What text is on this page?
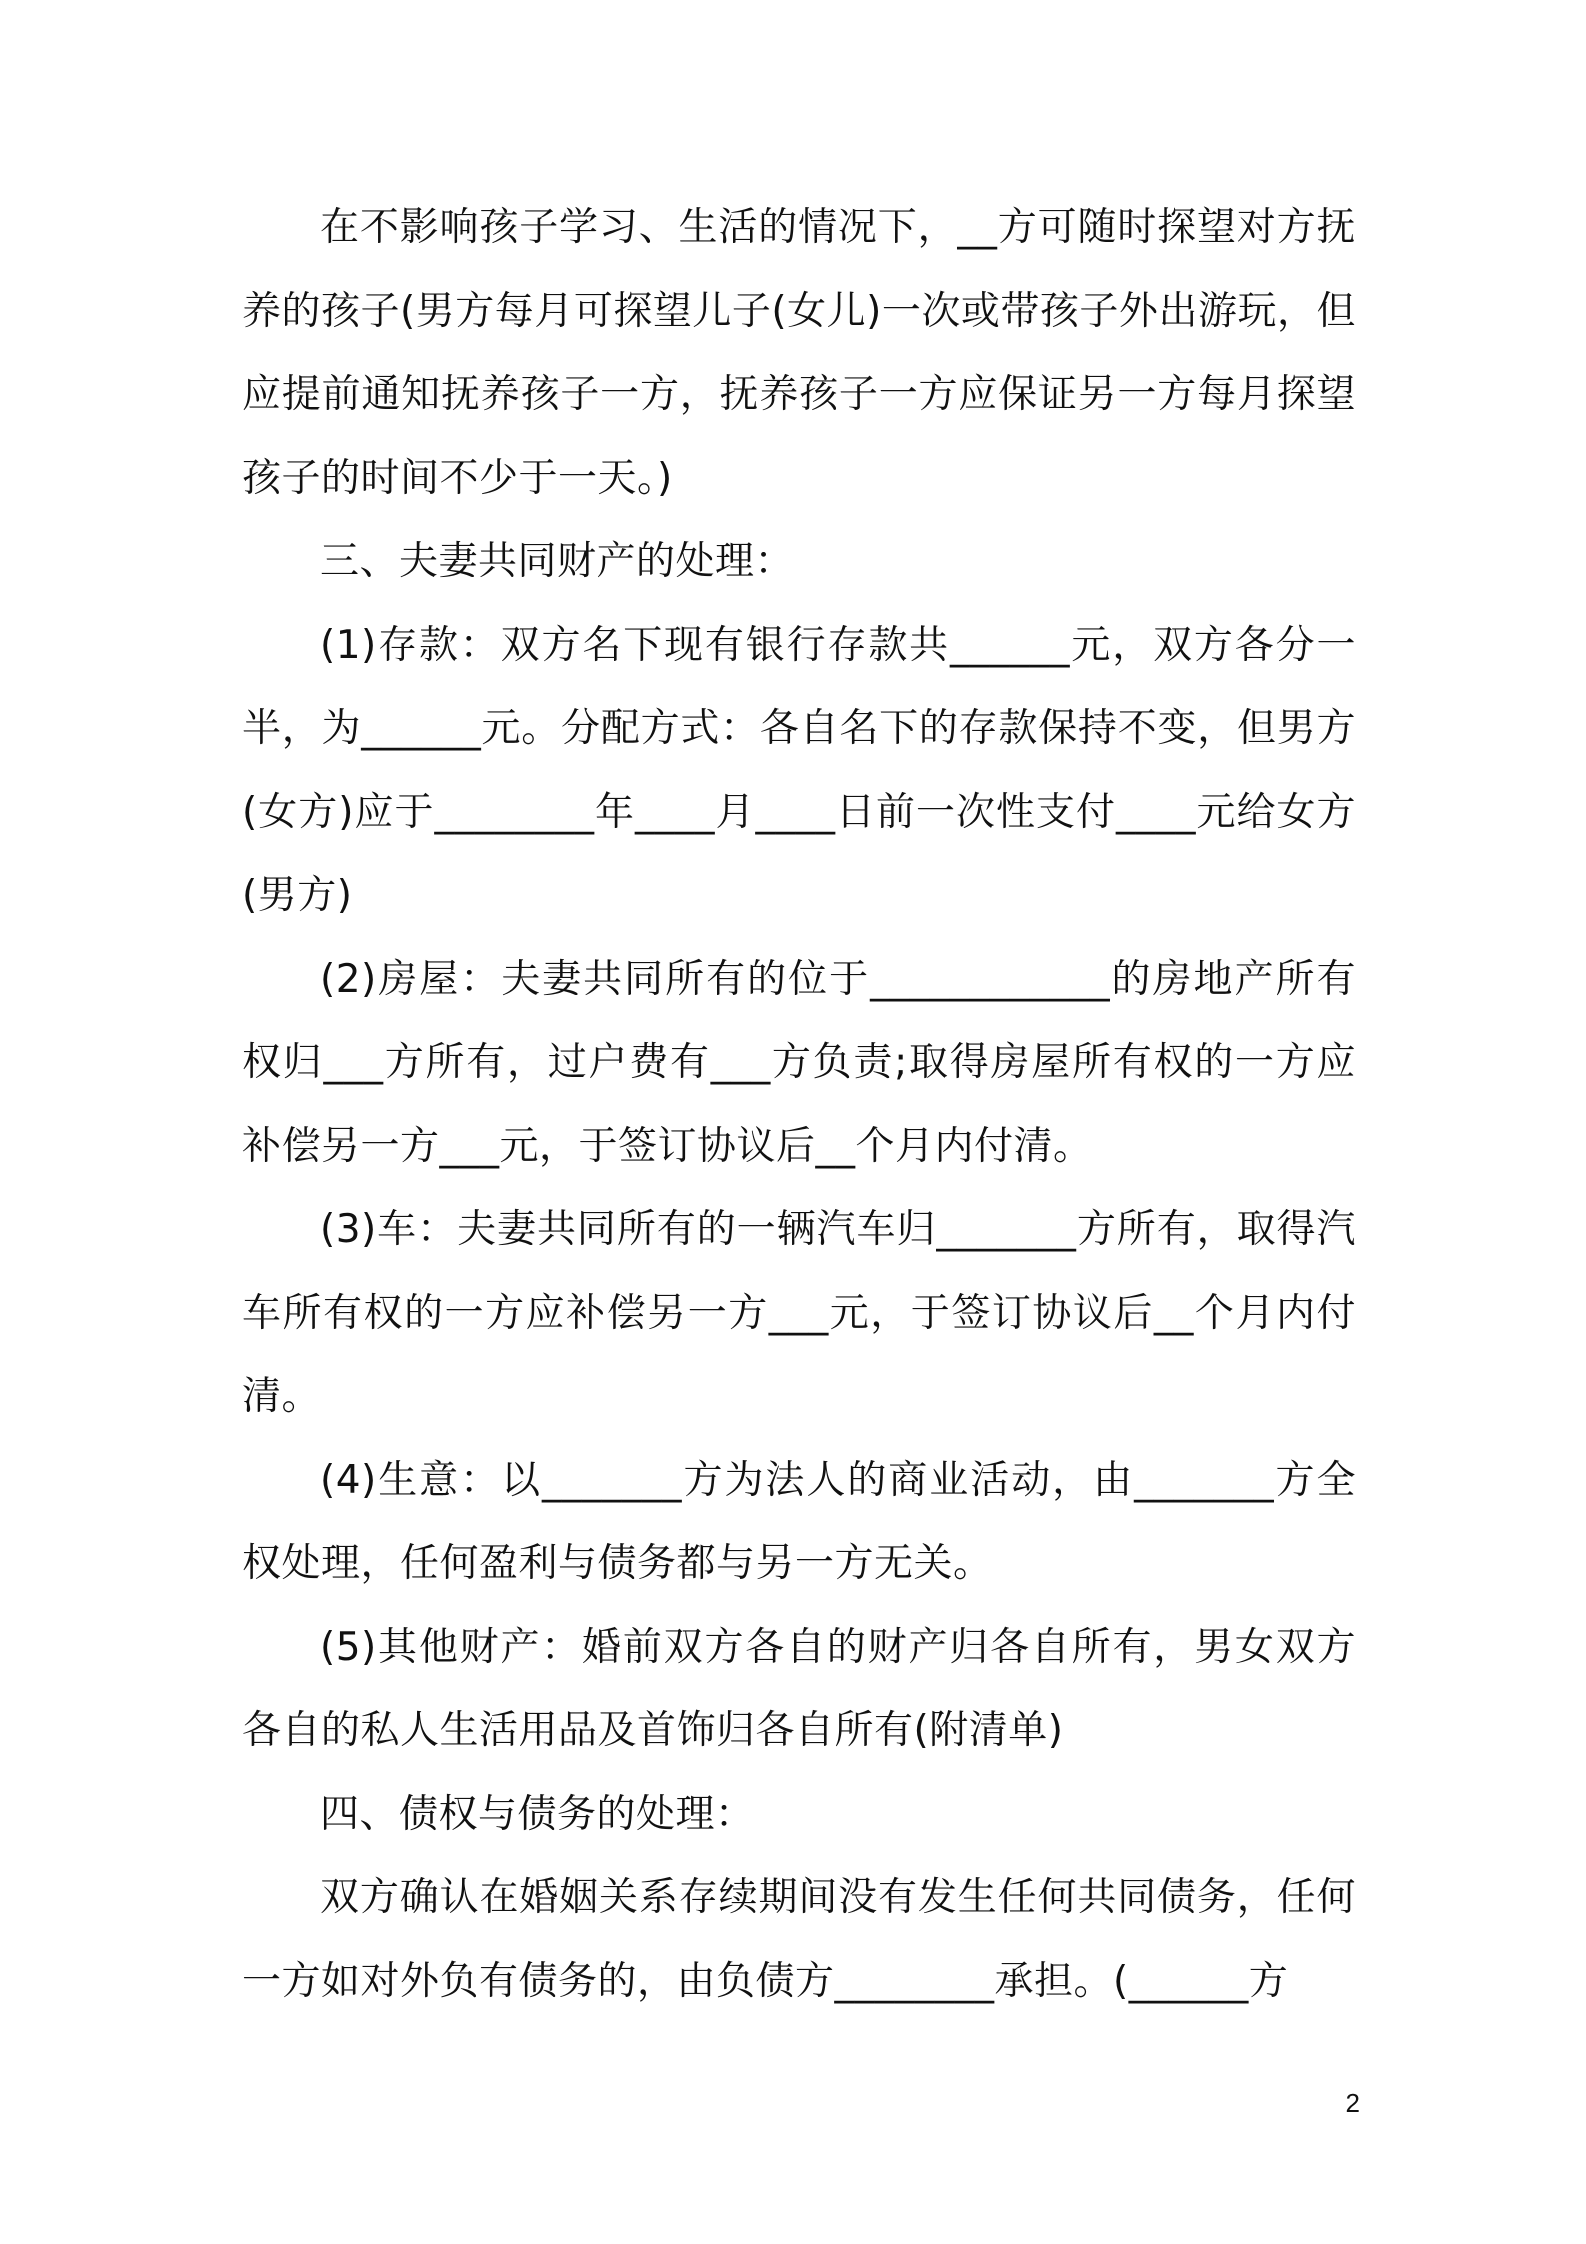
在不影响孩子学习、生活的情况下，__方可随时探望对方抚养的孩子(男方每月可探望儿子(女儿)一次或带孩子外出游玩，但应提前通知抚养孩子一方，抚养孩子一方应保证另一方每月探望孩子的时间不少于一天。)

三、夫妻共同财产的处理：

(1)存款：双方名下现有银行存款共______元，双方各分一半，为______元。分配方式：各自名下的存款保持不变，但男方(女方)应于________年____月____日前一次性支付____元给女方(男方)

(2)房屋：夫妻共同所有的位于____________的房地产所有权归___方所有，过户费有___方负责;取得房屋所有权的一方应补偿另一方___元，于签订协议后__个月内付清。

(3)车：夫妻共同所有的一辆汽车归_______方所有，取得汽车所有权的一方应补偿另一方___元，于签订协议后__个月内付清。

(4)生意：以_______方为法人的商业活动，由_______方全权处理，任何盈利与债务都与另一方无关。

(5)其他财产：婚前双方各自的财产归各自所有，男女双方各自的私人生活用品及首饰归各自所有(附清单)

四、债权与债务的处理：

双方确认在婚姻关系存续期间没有发生任何共同债务，任何一方如对外负有债务的，由负债方________承担。(______方

2
